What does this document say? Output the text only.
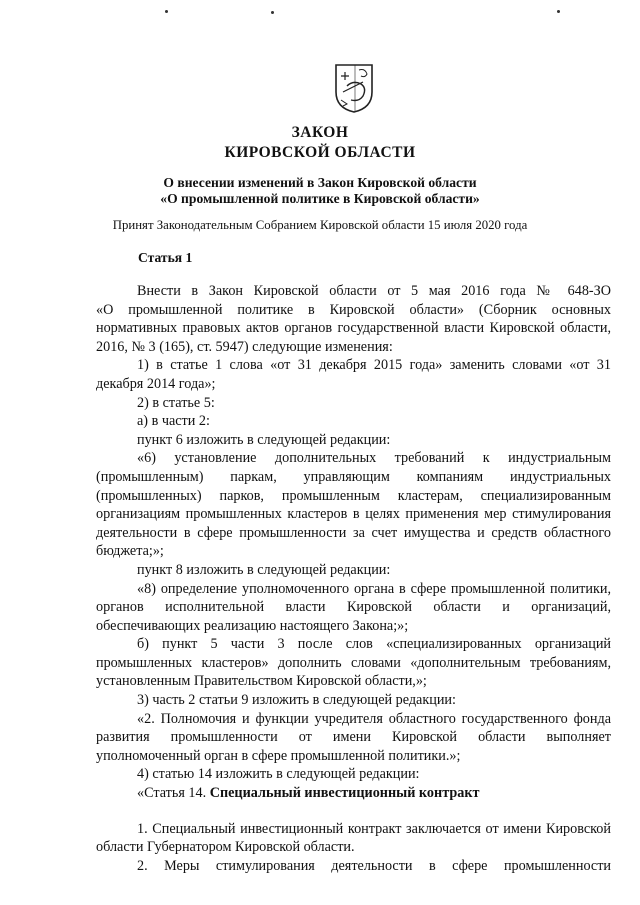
ЗАКОН
КИРОВСКОЙ ОБЛАСТИ
О внесении изменений в Закон Кировской области
«О промышленной политике в Кировской области»
Принят Законодательным Собранием Кировской области 15 июля 2020 года
Статья 1

Внести в Закон Кировской области от 5 мая 2016 года № 648-ЗО

«О промышленной политике в Кировской области» (Сборник основных нормативных правовых актов органов государственной власти Кировской области, 2016, № 3 (165), ст. 5947) следующие изменения:

1) в статье 1 слова «от 31 декабря 2015 года» заменить словами «от 31 декабря 2014 года»;

2) в статье 5:

а) в части 2:

пункт 6 изложить в следующей редакции:

«6) установление дополнительных требований к индустриальным (промышленным) паркам, управляющим компаниям индустриальных (промышленных) парков, промышленным кластерам, специализированным организациям промышленных кластеров в целях применения мер стимулирования деятельности в сфере промышленности за счет имущества и средств областного бюджета;»;

пункт 8 изложить в следующей редакции:

«8) определение уполномоченного органа в сфере промышленной политики, органов исполнительной власти Кировской области и организаций, обеспечивающих реализацию настоящего Закона;»;

б) пункт 5 части 3 после слов «специализированных организаций промышленных кластеров» дополнить словами «дополнительным требованиям, установленным Правительством Кировской области,»;

3) часть 2 статьи 9 изложить в следующей редакции:

«2. Полномочия и функции учредителя областного государственного фонда развития промышленности от имени Кировской области выполняет уполномоченный орган в сфере промышленной политики.»;

4) статью 14 изложить в следующей редакции:

«Статья 14. Специальный инвестиционный контракт

1. Специальный инвестиционный контракт заключается от имени Кировской области Губернатором Кировской области.

2. Меры стимулирования деятельности в сфере промышленности
